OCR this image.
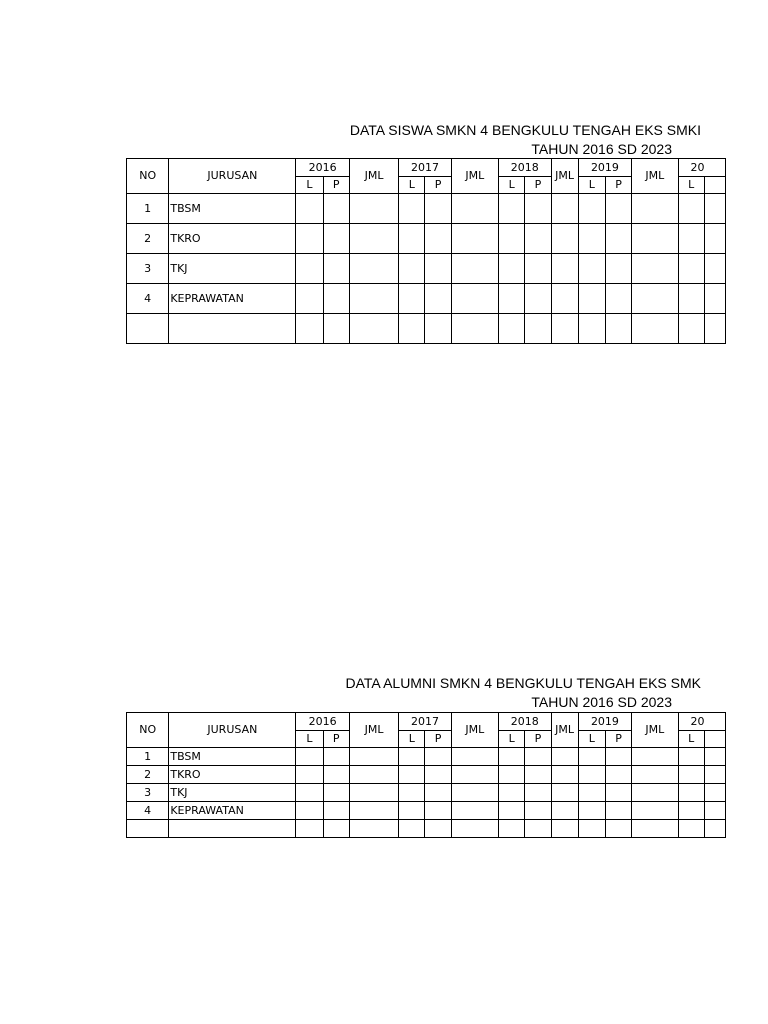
DATA SISWA SMKN 4 BENGKULU TENGAH EKS SMKI
TAHUN 2016 SD 2023
NO	JURUSAN	2016		JML	2017		JML	2018		JML	2019		JML	20	
		L	P		L	P		L	P		L	P		L	
1	TBSM														
2	TKRO														
3	TKJ														
4	KEPRAWATAN														

DATA ALUMNI SMKN 4 BENGKULU TENGAH EKS SMK
TAHUN 2016 SD 2023
NO	JURUSAN	2016		JML	2017		JML	2018		JML	2019		JML	20	
		L	P		L	P		L	P		L	P		L	
1	TBSM														
2	TKRO														
3	TKJ														
4	KEPRAWATAN														
